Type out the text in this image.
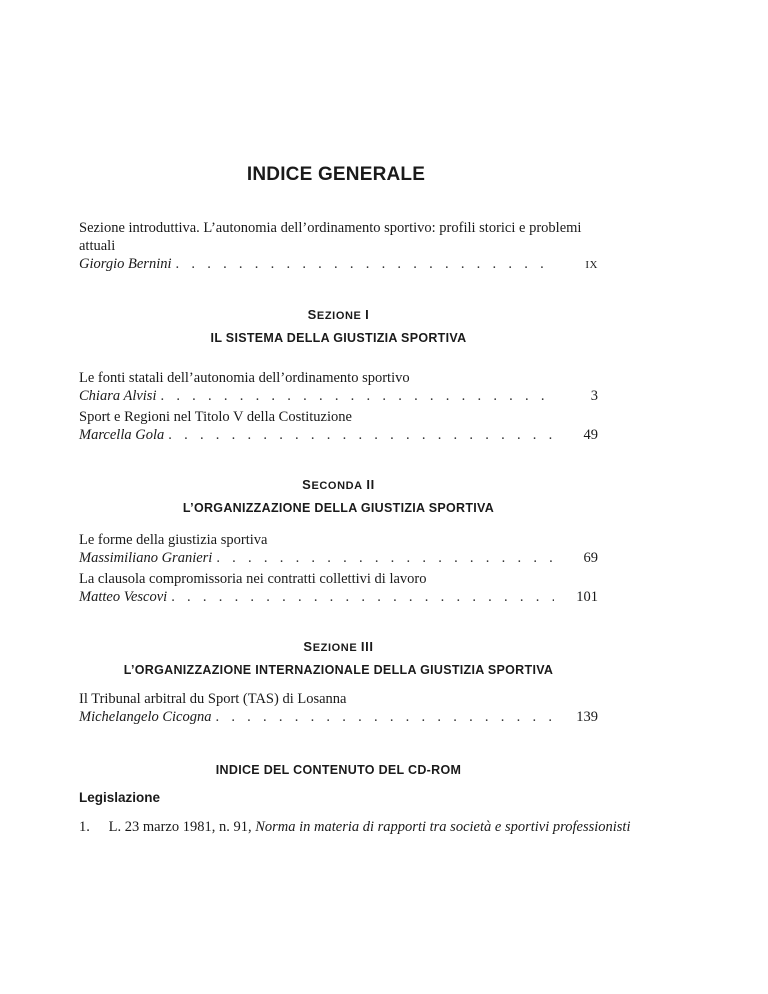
INDICE GENERALE
Sezione introduttiva. L’autonomia dell’ordinamento sportivo: profili storici e problemi attuali
Giorgio Bernini . . .	IX
SEZIONE I
IL SISTEMA DELLA GIUSTIZIA SPORTIVA
Le fonti statali dell’autonomia dell’ordinamento sportivo
Chiara Alvisi . . .	3
Sport e Regioni nel Titolo V della Costituzione
Marcella Gola . . .	49
SECONDA II
L’ORGANIZZAZIONE DELLA GIUSTIZIA SPORTIVA
Le forme della giustizia sportiva
Massimiliano Granieri . . .	69
La clausola compromissoria nei contratti collettivi di lavoro
Matteo Vescovi . . .	101
SEZIONE III
L’ORGANIZZAZIONE INTERNAZIONALE DELLA GIUSTIZIA SPORTIVA
Il Tribunal arbitral du Sport (TAS) di Losanna
Michelangelo Cicogna . . .	139
INDICE DEL CONTENUTO DEL CD-ROM
Legislazione
1. L. 23 marzo 1981, n. 91, Norma in materia di rapporti tra società e sportivi professionisti
